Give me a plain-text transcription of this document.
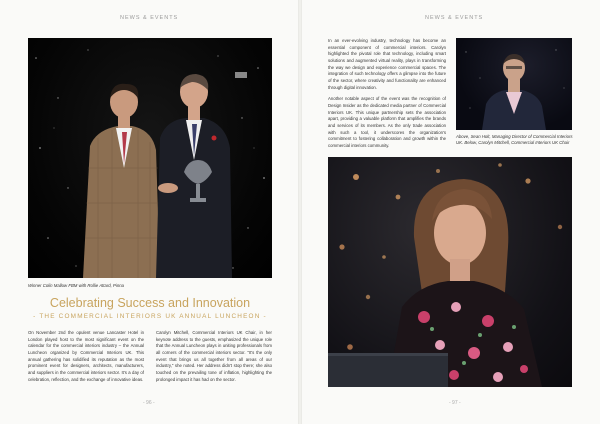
NEWS & EVENTS
Winner Colin Mallow FBM with Rollie Attard, Pinna
Celebrating Success and Innovation
- THE COMMERCIAL INTERIORS UK ANNUAL LUNCHEON -

On November 2nd the opulent venue Lancaster Hotel in London played host to the most significant event on the calendar for the commercial interiors industry – the Annual Luncheon organized by Commercial Interiors UK. This annual gathering has solidified its reputation as the most prominent event for designers, architects, manufacturers, and suppliers in the commercial interiors sector. It's a day of celebration, reflection, and the exchange of innovative ideas.

Carolyn Mitchell, Commercial Interiors UK Chair, in her keynote address to the guests, emphasized the unique role that the Annual Luncheon plays in uniting professionals from all corners of the commercial interiors sector. "It's the only event that brings us all together from all areas of our industry," she noted. Her address didn't stop there; she also touched on the prevailing tone of inflation, highlighting the prolonged impact it has had on the sector.

- 96 -
NEWS & EVENTS
- 97 -

In an ever-evolving industry, technology has become an essential component of commercial interiors. Carolyn highlighted the pivotal role that technology, including smart solutions and augmented virtual reality, plays in transforming the way we design and experience commercial spaces. The integration of such technology offers a glimpse into the future of the sector, where creativity and functionality are enhanced through digital innovation.

Another notable aspect of the event was the recognition of Design Insider as the dedicated media partner of Commercial Interiors UK. This unique partnership sets the association apart, providing a valuable platform that amplifies the brands and services of its members. As the only trade association with such a tool, it underscores the organization's commitment to fostering collaboration and growth within the commercial interiors community.

Above, Sean Holt, Managing Director of Commercial Interiors UK. Below, Carolyn Mitchell, Commercial Interiors UK Chair
